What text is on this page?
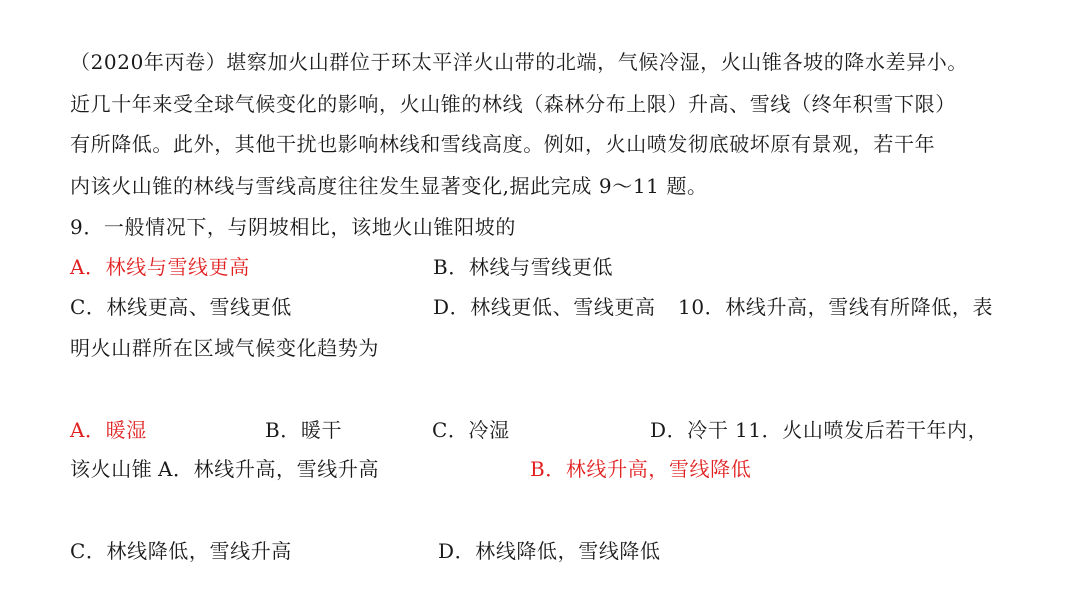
（2020年丙卷）堪察加火山群位于环太平洋火山带的北端，气候冷湿，火山锥各坡的降水差异小。
近几十年来受全球气候变化的影响，火山锥的林线（森林分布上限）升高、雪线（终年积雪下限）
有所降低。此外，其他干扰也影响林线和雪线高度。例如，火山喷发彻底破坏原有景观，若干年
内该火山锥的林线与雪线高度往往发生显著变化,据此完成 9～11 题。
9．一般情况下，与阴坡相比，该地火山锥阳坡的
A．林线与雪线更高	B．林线与雪线更低
C．林线更高、雪线更低	D．林线更低、雪线更高 10．林线升高，雪线有所降低，表
明火山群所在区域气候变化趋势为
A．暖湿	B．暖干	C．冷湿	D．冷干 11．火山喷发后若干年内，
该火山锥 A．林线升高，雪线升高	B．林线升高，雪线降低
C．林线降低，雪线升高	D．林线降低，雪线降低
